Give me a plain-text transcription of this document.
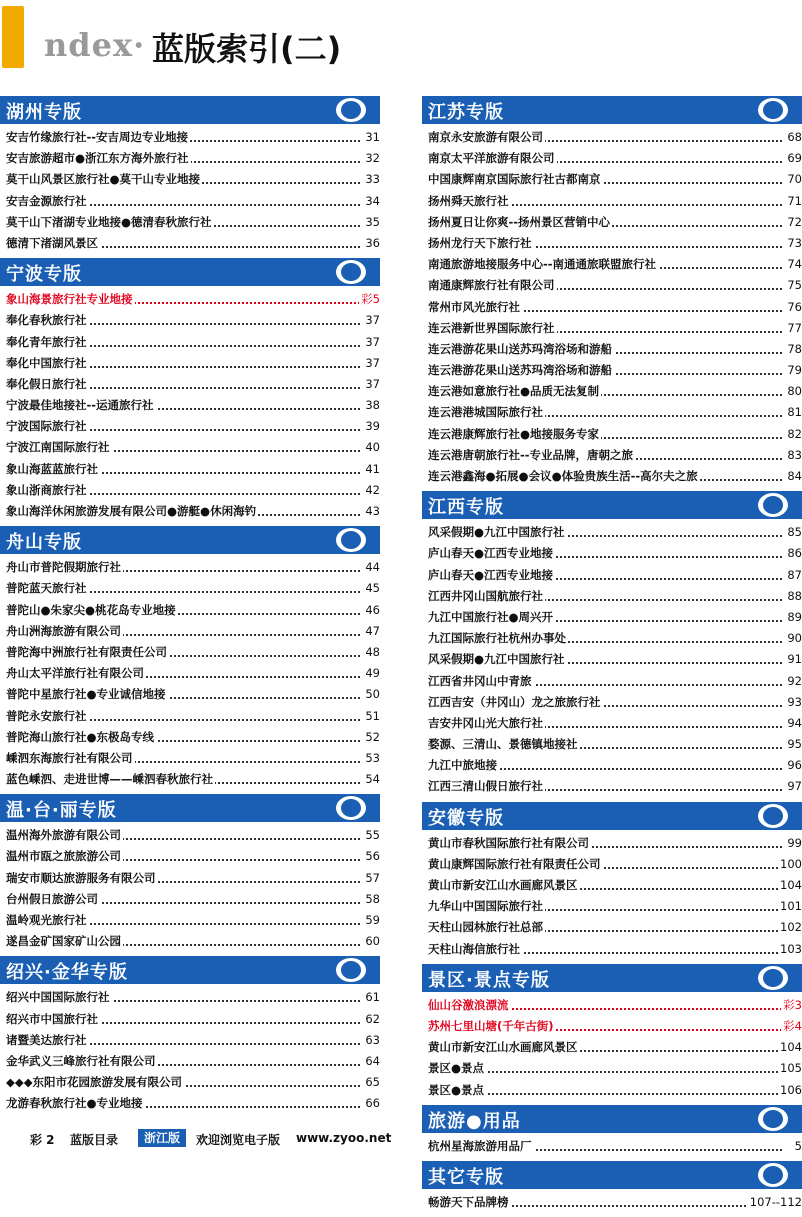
ndex· 蓝版索引(二)
湖州专版
安吉竹缘旅行社--安吉周边专业地接	31
安吉旅游超市●浙江东方海外旅行社	32
莫干山风景区旅行社●莫干山专业地接	33
安吉金源旅行社	34
莫干山下渚湖专业地接●德清春秋旅行社	35
德清下渚湖风景区	36
宁波专版
象山海景旅行社专业地接	彩5
奉化春秋旅行社	37
奉化青年旅行社	37
奉化中国旅行社	37
奉化假日旅行社	37
宁波最佳地接社--运通旅行社	38
宁波国际旅行社	39
宁波江南国际旅行社	40
象山海蓝蓝旅行社	41
象山浙商旅行社	42
象山海洋休闲旅游发展有限公司●游艇●休闲海钓	43
舟山专版
舟山市普陀假期旅行社	44
普陀蓝天旅行社	45
普陀山●朱家尖●桃花岛专业地接	46
舟山洲海旅游有限公司	47
普陀海中洲旅行社有限责任公司	48
舟山太平洋旅行社有限公司	49
普陀中星旅行社●专业诚信地接	50
普陀永安旅行社	51
普陀海山旅行社●东极岛专线	52
嵊泗东海旅行社有限公司	53
蓝色嵊泗、走进世博——嵊泗春秋旅行社	54
温·台·丽专版
温州海外旅游有限公司	55
温州市瓯之旅旅游公司	56
瑞安市顺达旅游服务有限公司	57
台州假日旅游公司	58
温岭观光旅行社	59
遂昌金矿国家矿山公园	60
绍兴·金华专版
绍兴中国国际旅行社	61
绍兴市中国旅行社	62
诸暨美达旅行社	63
金华武义三峰旅行社有限公司	64
◆◆◆东阳市花园旅游发展有限公司	65
龙游春秋旅行社●专业地接	66
江苏专版
南京永安旅游有限公司	68
南京太平洋旅游有限公司	69
中国康辉南京国际旅行社古都南京	70
扬州舜天旅行社	71
扬州夏日让你爽--扬州景区营销中心	72
扬州龙行天下旅行社	73
南通旅游地接服务中心--南通通旅联盟旅行社	74
南通康辉旅行社有限公司	75
常州市风光旅行社	76
连云港新世界国际旅行社	77
连云港游花果山送苏玛湾浴场和游船	78
连云港游花果山送苏玛湾浴场和游船	79
连云港如意旅行社●品质无法复制	80
连云港港城国际旅行社	81
连云港康辉旅行社●地接服务专家	82
连云港唐朝旅行社--专业品牌，唐朝之旅	83
连云港鑫海●拓展●会议●体验贵族生活--高尔夫之旅	84
江西专版
风采假期●九江中国旅行社	85
庐山春天●江西专业地接	86
庐山春天●江西专业地接	87
江西井冈山国航旅行社	88
九江中国旅行社●周兴开	89
九江国际旅行社杭州办事处	90
风采假期●九江中国旅行社	91
江西省井冈山中青旅	92
江西吉安（井冈山）龙之旅旅行社	93
吉安井冈山光大旅行社	94
婺源、三清山、景德镇地接社	95
九江中旅地接	96
江西三清山假日旅行社	97
安徽专版
黄山市春秋国际旅行社有限公司	99
黄山康辉国际旅行社有限责任公司	100
黄山市新安江山水画廊风景区	104
九华山中国国际旅行社	101
天柱山园林旅行社总部	102
天柱山海信旅行社	103
景区·景点专版
仙山谷激浪漂流	彩3
苏州七里山塘(千年古街)	彩4
黄山市新安江山水画廊风景区	104
景区●景点	105
景区●景点	106
旅游●用品
杭州星海旅游用品厂	5
其它专版
畅游天下品牌榜	107--112
彩 2 蓝版目录	浙江版	欢迎浏览电子版 www.zyoo.net
